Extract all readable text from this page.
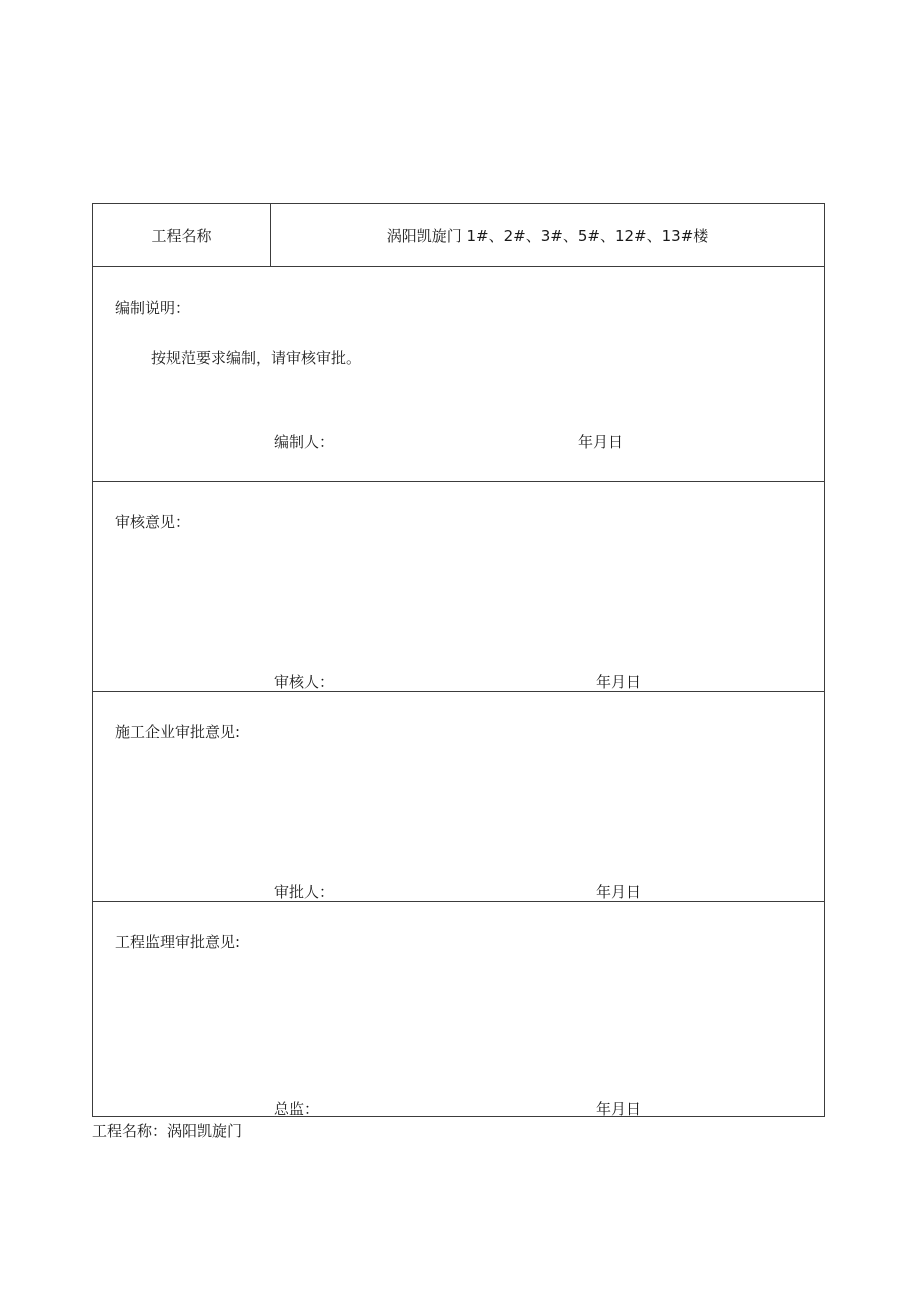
工程名称	涡阳凯旋门 1#、2#、3#、5#、12#、13#楼
编制说明：
按规范要求编制，请审核审批。
编制人：	年月日
审核意见：
审核人：	年月日
施工企业审批意见:
审批人：	年月日
工程监理审批意见:
总监：	年月日
工程名称：涡阳凯旋门
